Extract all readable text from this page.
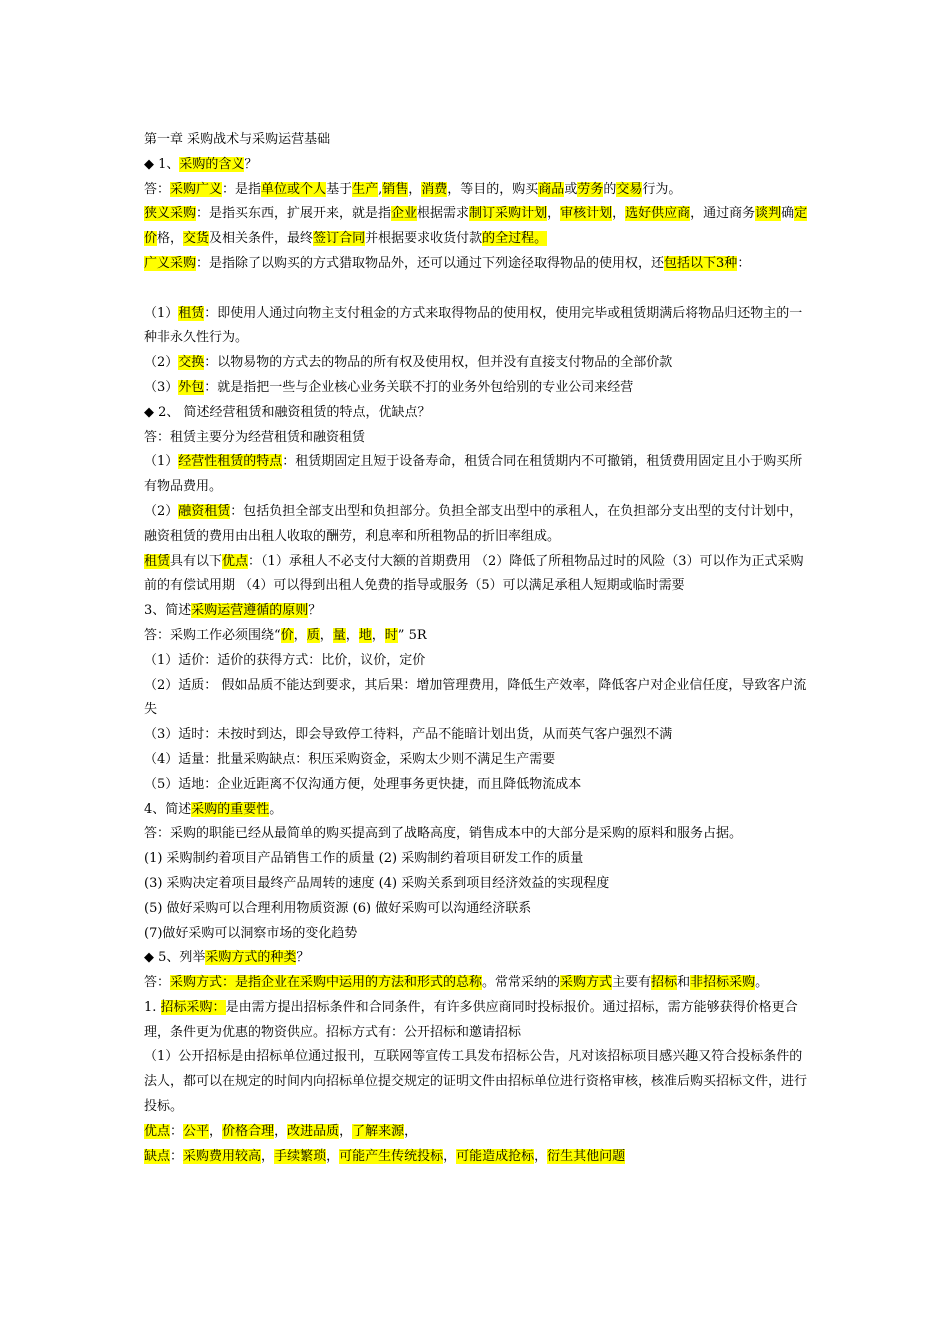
第一章 采购战术与采购运营基础
◆ 1、采购的含义？
答：采购广义：是指单位或个人基于生产,销售，消费，等目的，购买商品或劳务的交易行为。
狭义采购：是指买东西，扩展开来，就是指企业根据需求制订采购计划，审核计划，选好供应商，通过商务谈判确定价格，交货及相关条件，最终签订合同并根据要求收货付款的全过程。
广义采购：是指除了以购买的方式猎取物品外，还可以通过下列途径取得物品的使用权，还包括以下3种：
（1）租赁：即使用人通过向物主支付租金的方式来取得物品的使用权，使用完毕或租赁期满后将物品归还物主的一种非永久性行为。
（2）交换：以物易物的方式去的物品的所有权及使用权，但并没有直接支付物品的全部价款
（3）外包：就是指把一些与企业核心业务关联不打的业务外包给别的专业公司来经营
◆ 2、 简述经营租赁和融资租赁的特点，优缺点？
答：租赁主要分为经营租赁和融资租赁
（1）经营性租赁的特点：租赁期固定且短于设备寿命，租赁合同在租赁期内不可撤销，租赁费用固定且小于购买所有物品费用。
（2）融资租赁：包括负担全部支出型和负担部分。负担全部支出型中的承租人，在负担部分支出型的支付计划中，融资租赁的费用由出租人收取的酬劳，利息率和所租物品的折旧率组成。
租赁具有以下优点：（1）承租人不必支付大额的首期费用 （2）降低了所租物品过时的风险（3）可以作为正式采购前的有偿试用期 （4）可以得到出租人免费的指导或服务（5）可以满足承租人短期或临时需要
3、简述采购运营遵循的原则？
答：采购工作必须围绕“价，质，量，地，时” 5R
（1）适价：适价的获得方式：比价，议价，定价
（2）适质： 假如品质不能达到要求，其后果：增加管理费用，降低生产效率，降低客户对企业信任度，导致客户流失
（3）适时：未按时到达，即会导致停工待料，产品不能暗计划出货，从而英气客户强烈不满
（4）适量：批量采购缺点：积压采购资金，采购太少则不满足生产需要
（5）适地：企业近距离不仅沟通方便，处理事务更快捷，而且降低物流成本
4、简述采购的重要性。
答：采购的职能已经从最简单的购买提高到了战略高度，销售成本中的大部分是采购的原料和服务占据。
(1) 采购制约着项目产品销售工作的质量 (2) 采购制约着项目研发工作的质量
(3) 采购决定着项目最终产品周转的速度 (4) 采购关系到项目经济效益的实现程度
(5) 做好采购可以合理利用物质资源 (6) 做好采购可以沟通经济联系
(7)做好采购可以洞察市场的变化趋势
◆ 5、列举采购方式的种类？
答：采购方式：是指企业在采购中运用的方法和形式的总称。常常采纳的采购方式主要有招标和非招标采购。
1. 招标采购：是由需方提出招标条件和合同条件，有许多供应商同时投标报价。通过招标，需方能够获得价格更合理，条件更为优惠的物资供应。招标方式有：公开招标和邀请招标
（1）公开招标是由招标单位通过报刊，互联网等宣传工具发布招标公告，凡对该招标项目感兴趣又符合投标条件的法人，都可以在规定的时间内向招标单位提交规定的证明文件由招标单位进行资格审核，核准后购买招标文件，进行投标。
优点：公平，价格合理，改进品质，了解来源，
缺点：采购费用较高，手续繁琐，可能产生传统投标，可能造成抢标，衍生其他问题
